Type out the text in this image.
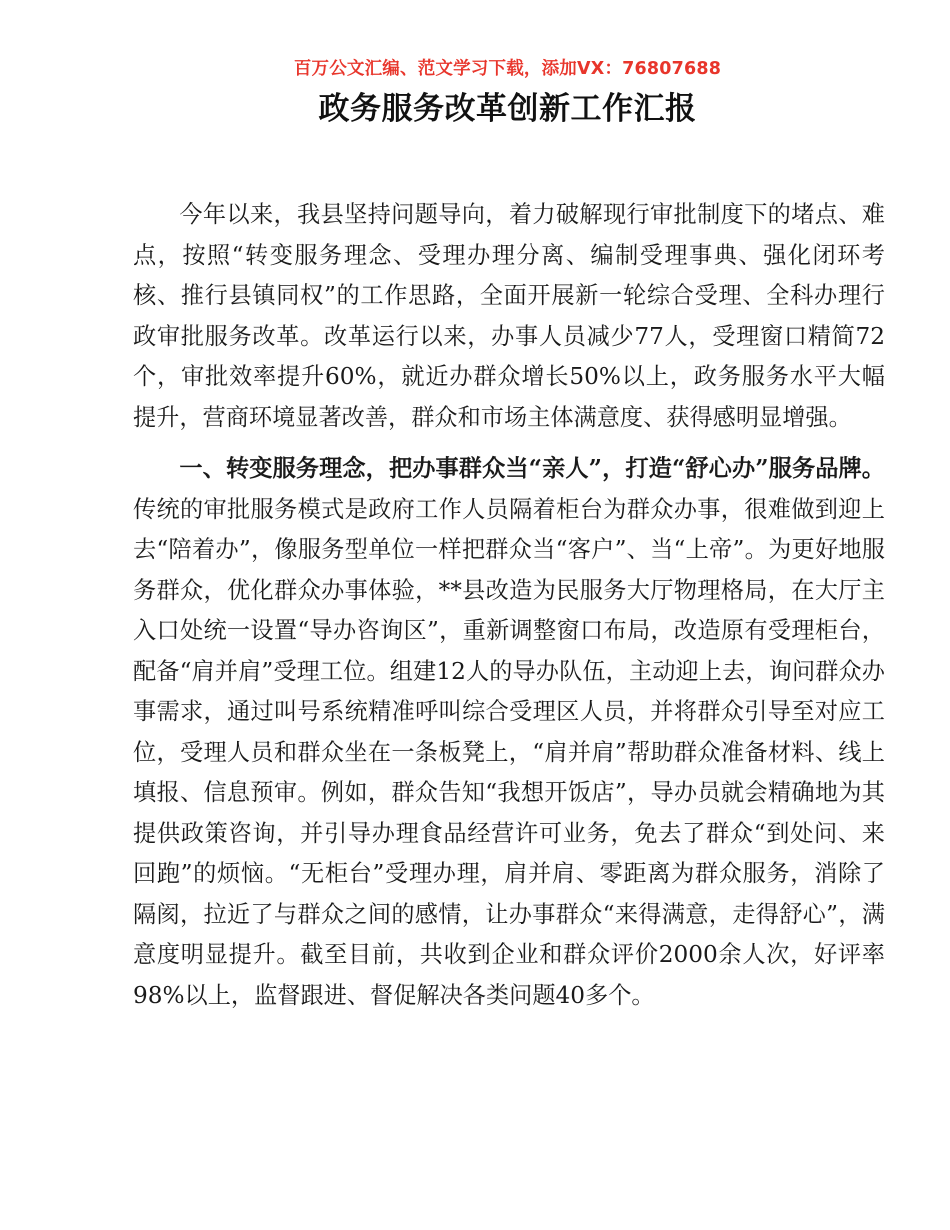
百万公文汇编、范文学习下载，添加VX：76807688
政务服务改革创新工作汇报

今年以来，我县坚持问题导向，着力破解现行审批制度下的堵点、难点，按照“转变服务理念、受理办理分离、编制受理事典、强化闭环考核、推行县镇同权”的工作思路，全面开展新一轮综合受理、全科办理行政审批服务改革。改革运行以来，办事人员减少77人，受理窗口精简72个，审批效率提升60%，就近办群众增长50%以上，政务服务水平大幅提升，营商环境显著改善，群众和市场主体满意度、获得感明显增强。

一、转变服务理念，把办事群众当“亲人”，打造“舒心办”服务品牌。传统的审批服务模式是政府工作人员隔着柜台为群众办事，很难做到迎上去“陪着办”，像服务型单位一样把群众当“客户”、当“上帝”。为更好地服务群众，优化群众办事体验，**县改造为民服务大厅物理格局，在大厅主入口处统一设置“导办咨询区”，重新调整窗口布局，改造原有受理柜台，配备“肩并肩”受理工位。组建12人的导办队伍，主动迎上去，询问群众办事需求，通过叫号系统精准呼叫综合受理区人员，并将群众引导至对应工位，受理人员和群众坐在一条板凳上，“肩并肩”帮助群众准备材料、线上填报、信息预审。例如，群众告知“我想开饭店”，导办员就会精确地为其提供政策咨询，并引导办理食品经营许可业务，免去了群众“到处问、来回跑”的烦恼。“无柜台”受理办理，肩并肩、零距离为群众服务，消除了隔阂，拉近了与群众之间的感情，让办事群众“来得满意，走得舒心”，满意度明显提升。截至目前，共收到企业和群众评价2000余人次，好评率98%以上，监督跟进、督促解决各类问题40多个。
